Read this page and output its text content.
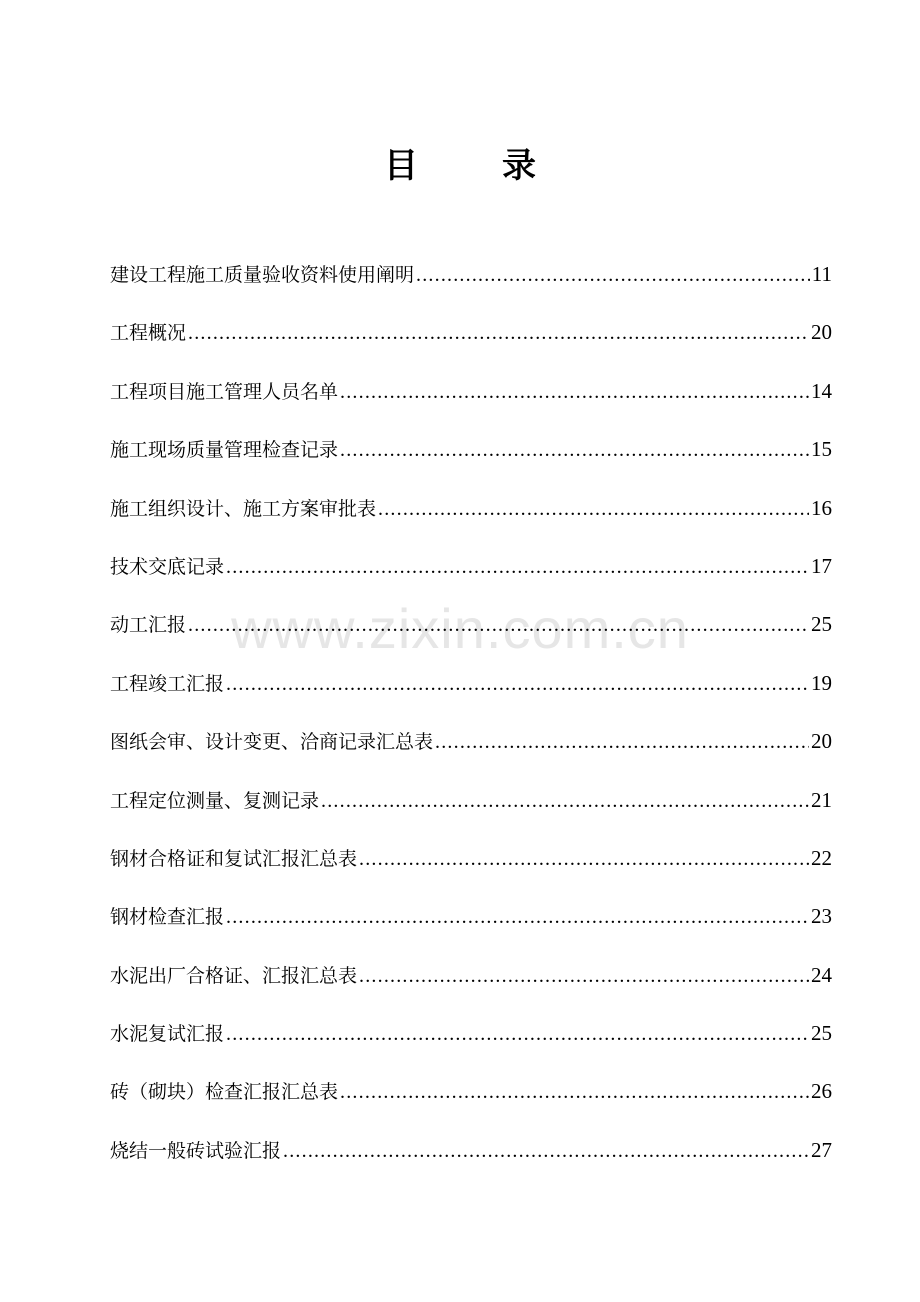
www.zixin.com.cn
目 录
建设工程施工质量验收资料使用阐明 .....	11
工程概况 .....	20
工程项目施工管理人员名单 .....	14
施工现场质量管理检查记录 .....	15
施工组织设计、施工方案审批表 .....	16
技术交底记录 .....	17
动工汇报 .....	25
工程竣工汇报 .....	19
图纸会审、设计变更、洽商记录汇总表 .....	20
工程定位测量、复测记录 .....	21
钢材合格证和复试汇报汇总表 .....	22
钢材检查汇报 .....	23
水泥出厂合格证、汇报汇总表 .....	24
水泥复试汇报 .....	25
砖（砌块）检查汇报汇总表 .....	26
烧结一般砖试验汇报 .....	27
